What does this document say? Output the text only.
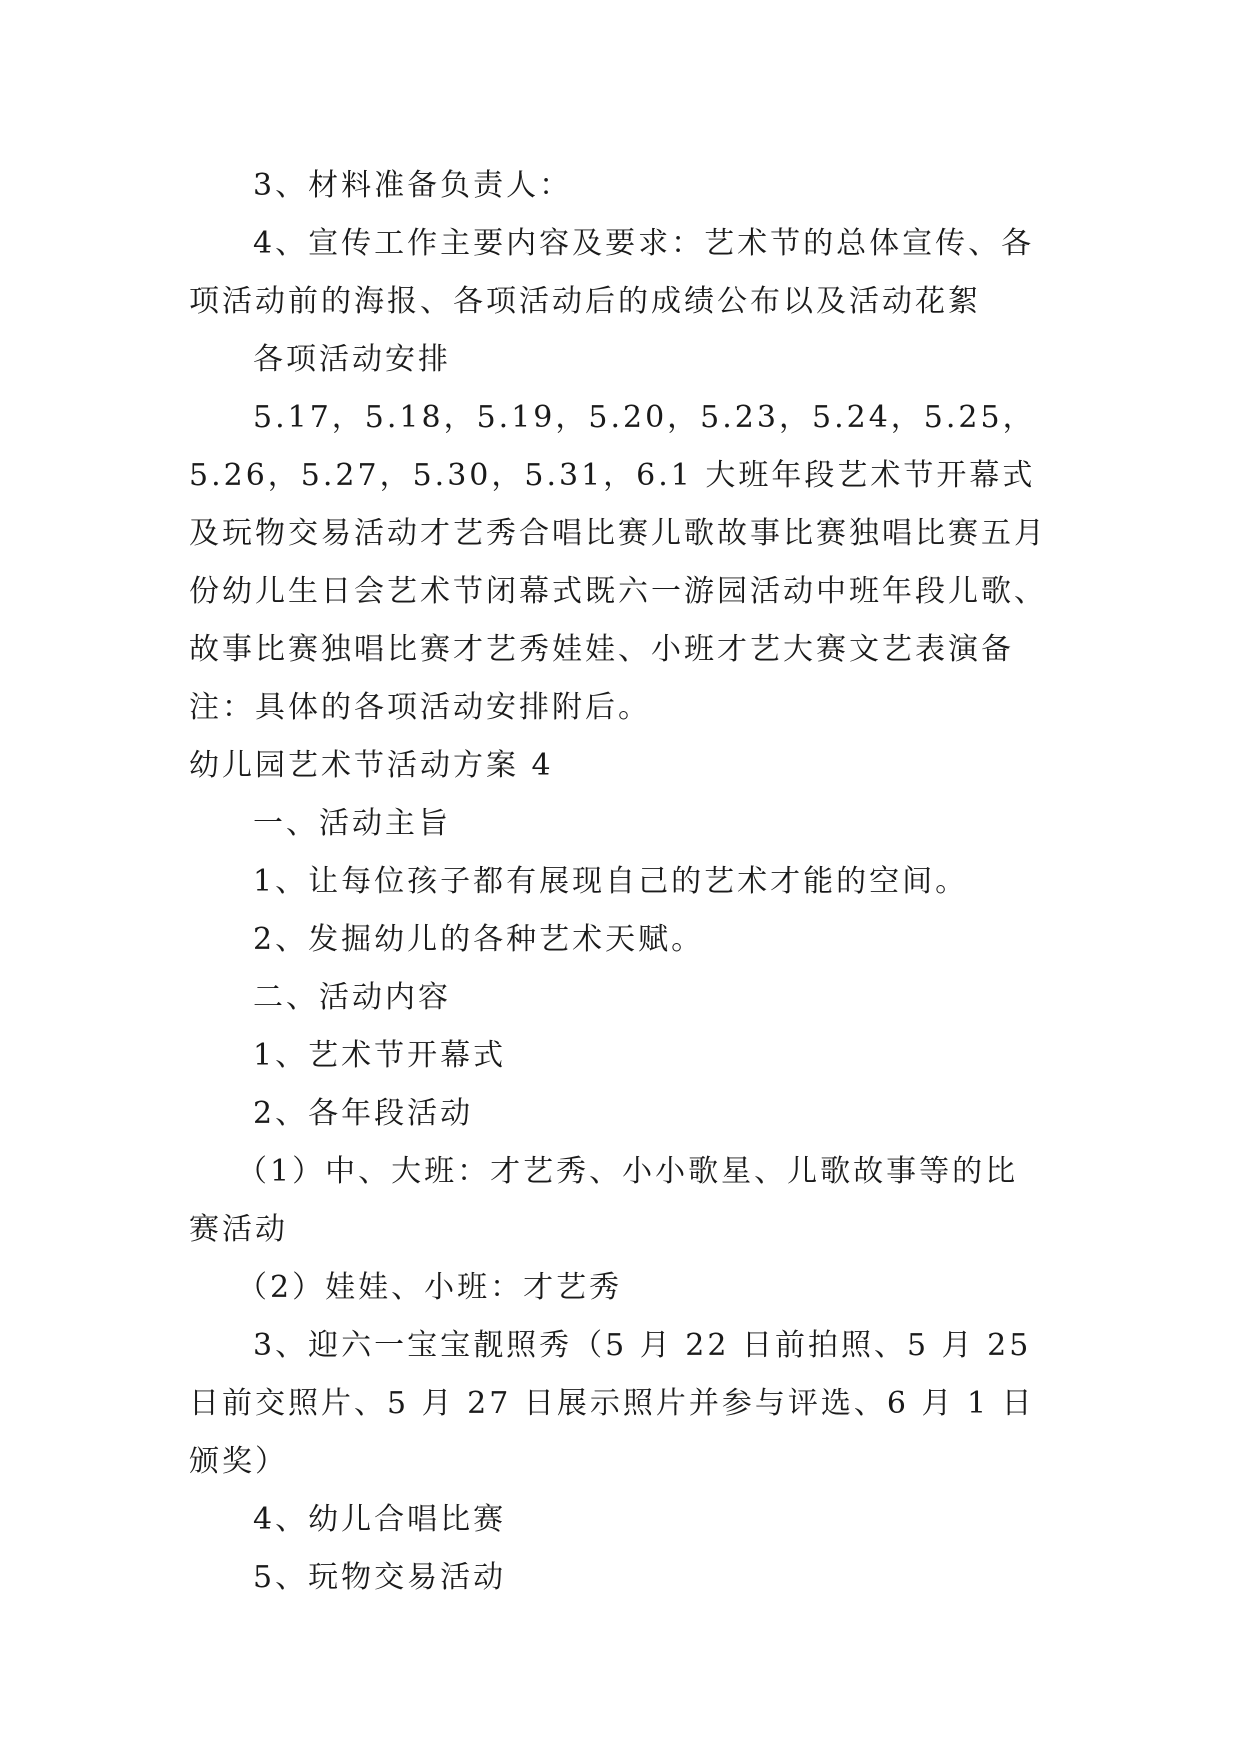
3、材料准备负责人：

4、宣传工作主要内容及要求：艺术节的总体宣传、各项活动前的海报、各项活动后的成绩公布以及活动花絮

各项活动安排

5.17，5.18，5.19，5.20，5.23，5.24，5.25，5.26，5.27，5.30，5.31，6.1 大班年段艺术节开幕式及玩物交易活动才艺秀合唱比赛儿歌故事比赛独唱比赛五月份幼儿生日会艺术节闭幕式既六一游园活动中班年段儿歌、故事比赛独唱比赛才艺秀娃娃、小班才艺大赛文艺表演备注：具体的各项活动安排附后。

幼儿园艺术节活动方案 4

一、活动主旨

1、让每位孩子都有展现自己的艺术才能的空间。

2、发掘幼儿的各种艺术天赋。

二、活动内容

1、艺术节开幕式

2、各年段活动

（1）中、大班：才艺秀、小小歌星、儿歌故事等的比赛活动

（2）娃娃、小班：才艺秀

3、迎六一宝宝靓照秀（5 月 22 日前拍照、5 月 25 日前交照片、5 月 27 日展示照片并参与评选、6 月 1 日颁奖）

4、幼儿合唱比赛

5、玩物交易活动
